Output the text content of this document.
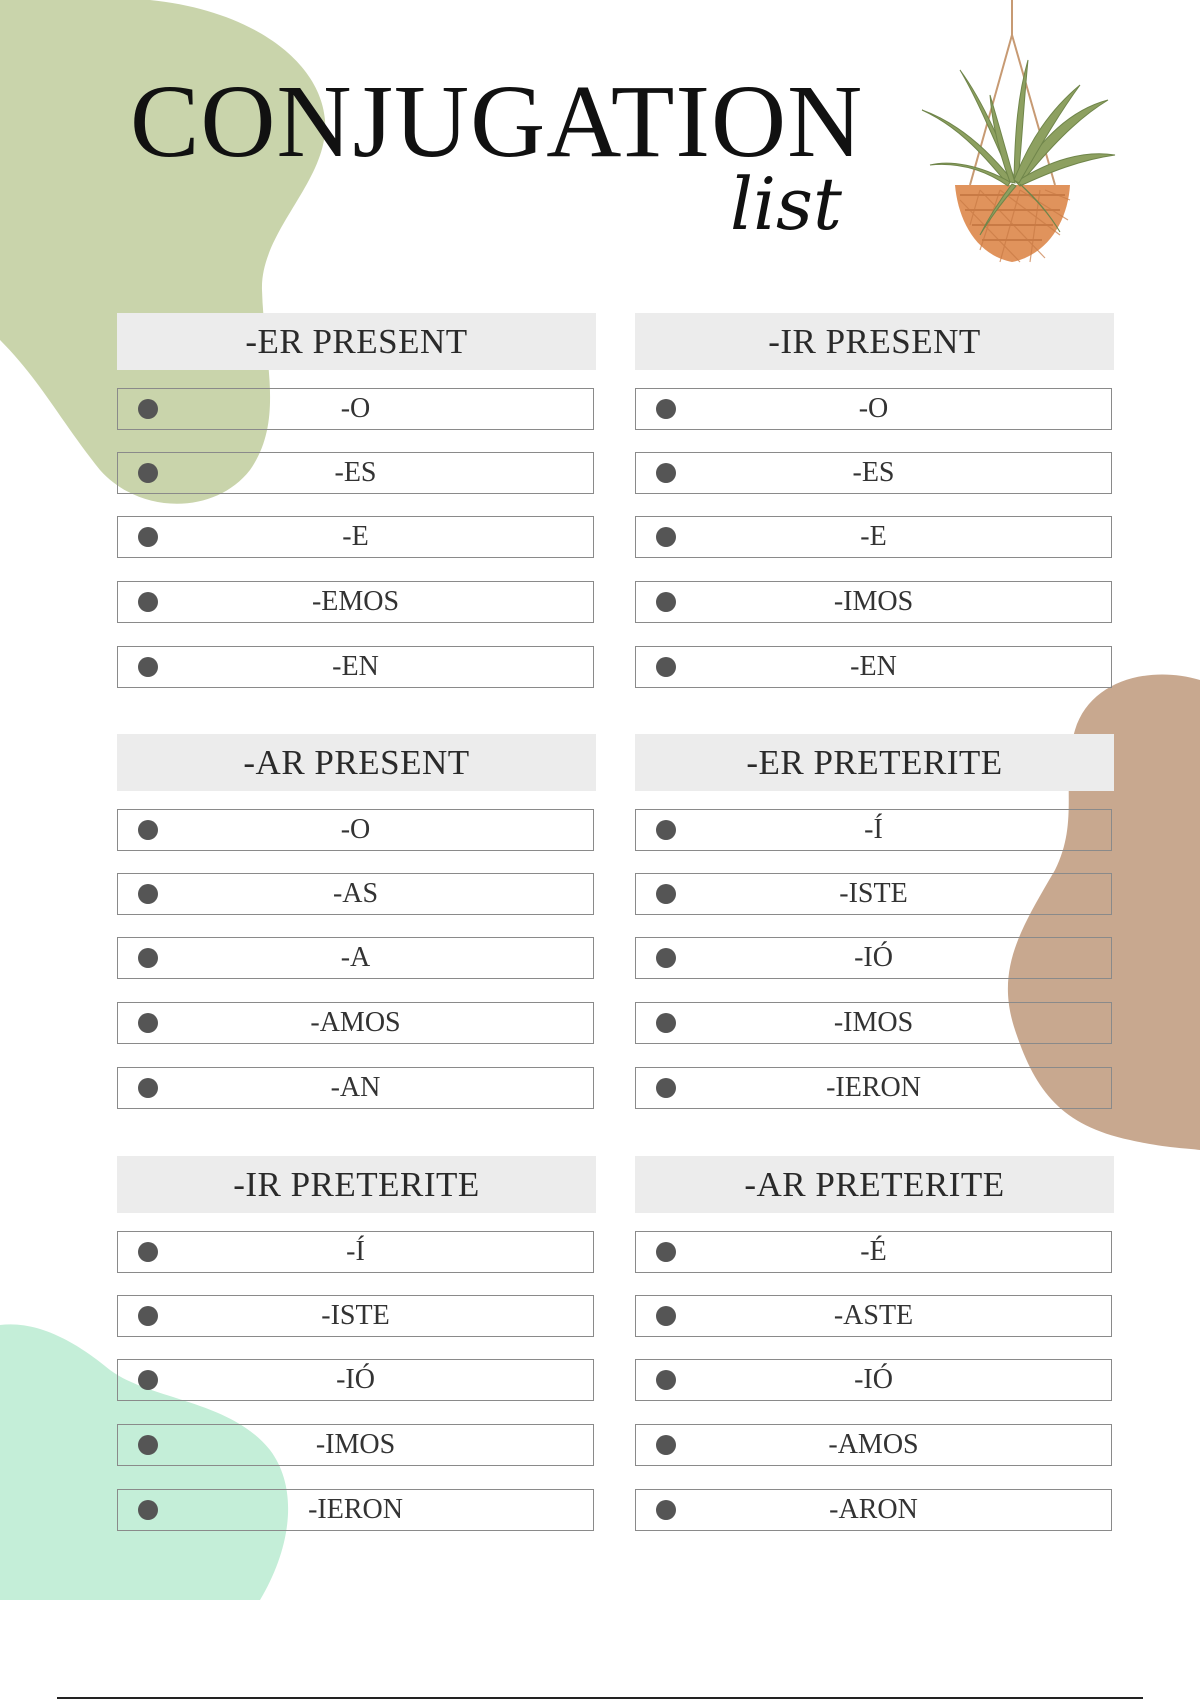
CONJUGATION
list
-ER PRESENT
-O
-ES
-E
-EMOS
-EN
-IR PRESENT
-O
-ES
-E
-IMOS
-EN
-AR PRESENT
-O
-AS
-A
-AMOS
-AN
-ER PRETERITE
-Í
-ISTE
-IÓ
-IMOS
-IERON
-IR PRETERITE
-Í
-ISTE
-IÓ
-IMOS
-IERON
-AR PRETERITE
-É
-ASTE
-IÓ
-AMOS
-ARON
